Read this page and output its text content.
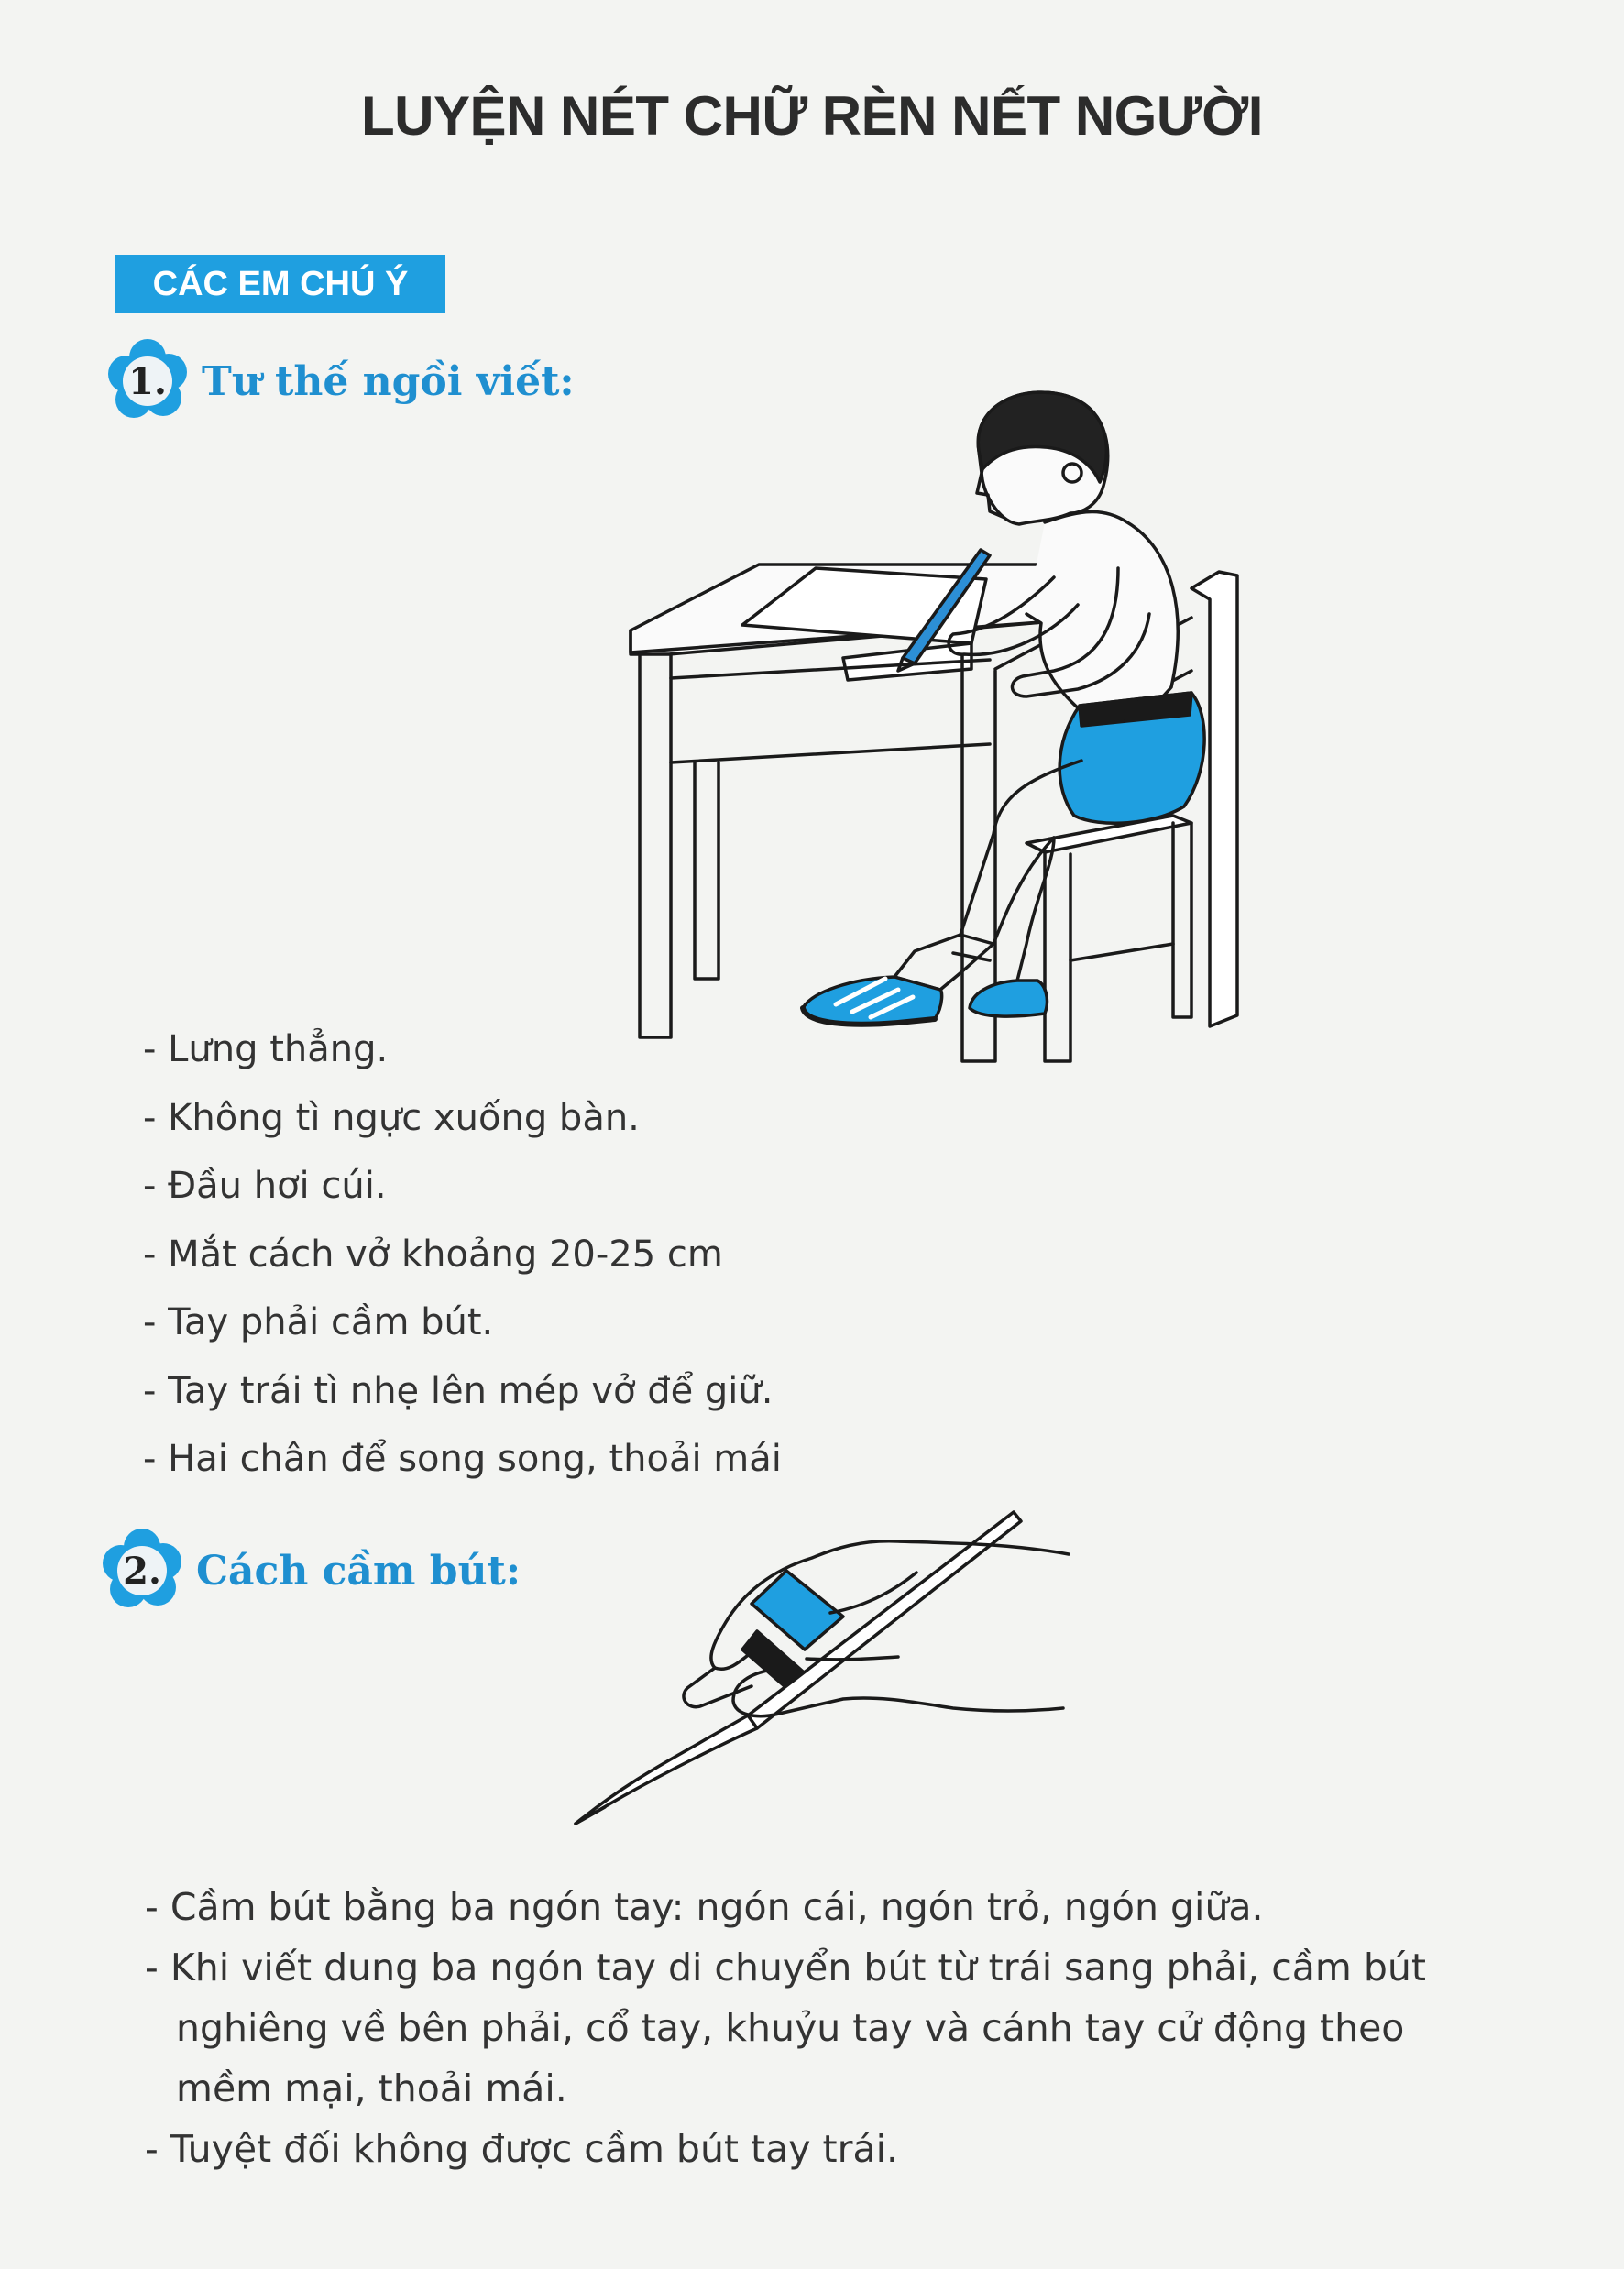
LUYỆN NÉT CHỮ RÈN NẾT NGƯỜI
CÁC EM CHÚ Ý
1. Tư thế ngồi viết:
- Lưng thẳng.
- Không tì ngực xuống bàn.
- Đầu hơi cúi.
- Mắt cách vở khoảng 20-25 cm
- Tay phải cầm bút.
- Tay trái tì nhẹ lên mép vở để giữ.
- Hai chân để song song, thoải mái
2. Cách cầm bút:
- Cầm bút bằng ba ngón tay: ngón cái, ngón trỏ, ngón giữa.
- Khi viết dung ba ngón tay di chuyển bút từ trái sang phải, cầm bút nghiêng về bên phải, cổ tay, khuỷu tay và cánh tay cử động theo mềm mại, thoải mái.
- Tuyệt đối không được cầm bút tay trái.
